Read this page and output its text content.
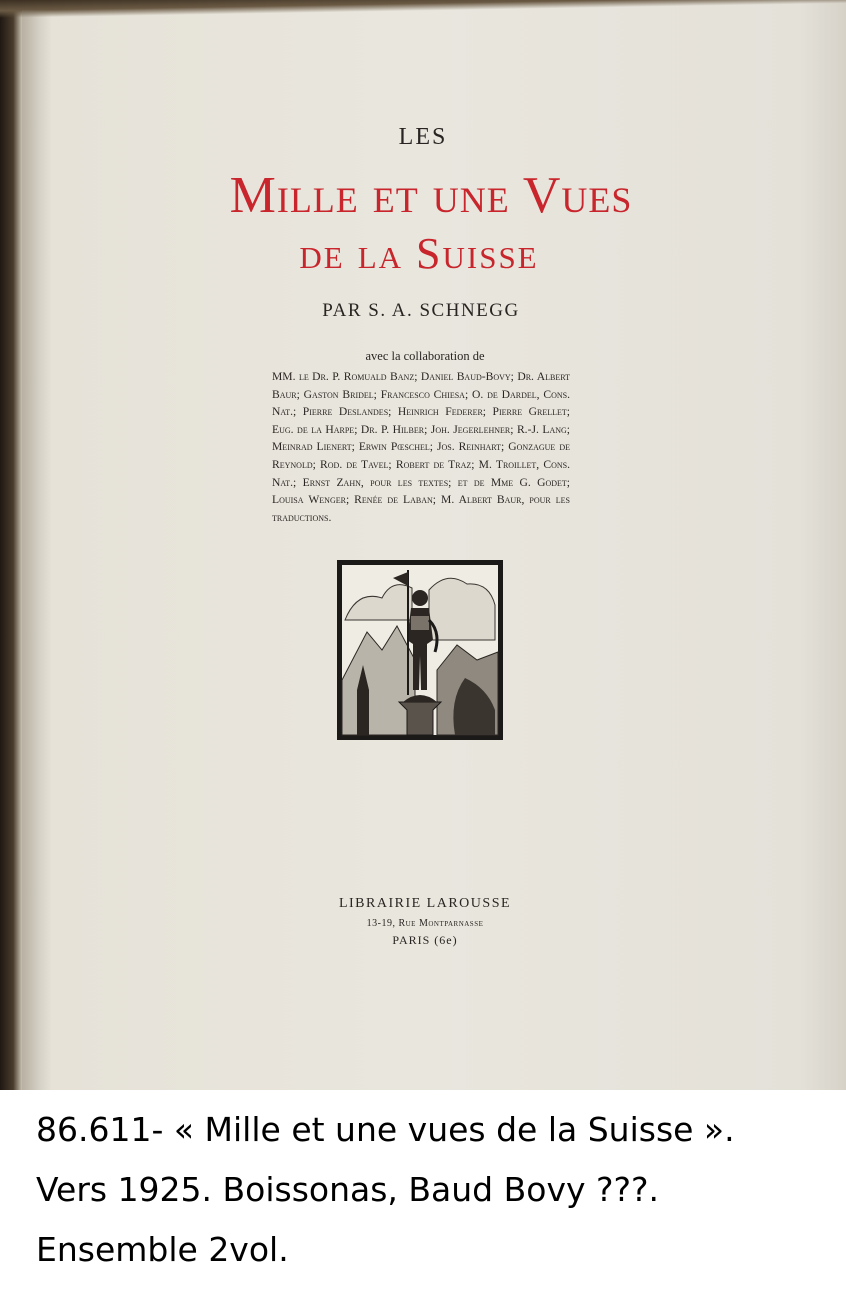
LES
Mille et une Vues
de la Suisse
PAR S. A. SCHNEGG
avec la collaboration de
MM. le Dr. P. Romuald Banz; Daniel Baud-Bovy; Dr. Albert Baur; Gaston Bridel; Francesco Chiesa; O. de Dardel, Cons. Nat.; Pierre Deslandes; Heinrich Federer; Pierre Grellet; Eug. de la Harpe; Dr. P. Hilber; Joh. Jegerlehner; R.-J. Lang; Meinrad Lienert; Erwin Pœschel; Jos. Reinhart; Gonzague de Reynold; Rod. de Tavel; Robert de Traz; M. Troillet, Cons. Nat.; Ernst Zahn, pour les textes; et de Mme G. Godet; Louisa Wenger; Renée de Laban; M. Albert Baur, pour les traductions.
LIBRAIRIE LAROUSSE
13-19, Rue Montparnasse
PARIS (6e)
86.611- « Mille et une vues de la Suisse ».
Vers 1925. Boissonas, Baud Bovy ???.
Ensemble 2vol.
